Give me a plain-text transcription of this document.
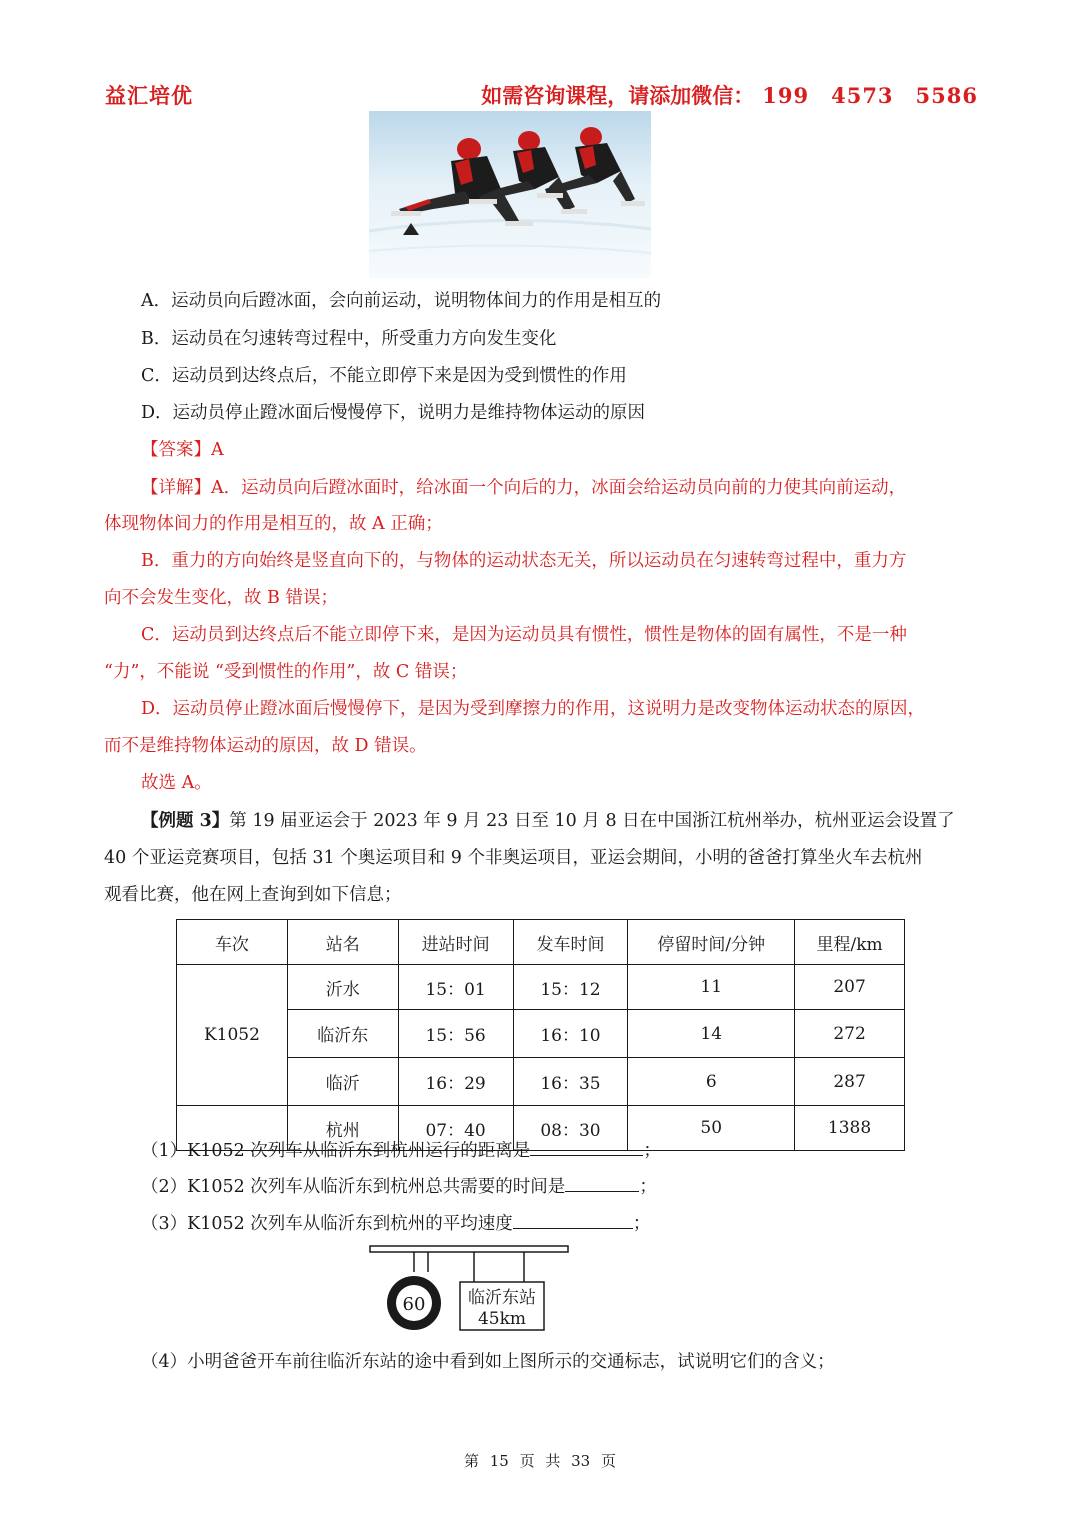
益汇培优	如需咨询课程，请添加微信： 199 4573 5586
A．运动员向后蹬冰面，会向前运动，说明物体间力的作用是相互的
B．运动员在匀速转弯过程中，所受重力方向发生变化
C．运动员到达终点后，不能立即停下来是因为受到惯性的作用
D．运动员停止蹬冰面后慢慢停下，说明力是维持物体运动的原因
【答案】A
【详解】A．运动员向后蹬冰面时，给冰面一个向后的力，冰面会给运动员向前的力使其向前运动，
体现物体间力的作用是相互的，故 A 正确；
B．重力的方向始终是竖直向下的，与物体的运动状态无关，所以运动员在匀速转弯过程中，重力方
向不会发生变化，故 B 错误；
C．运动员到达终点后不能立即停下来，是因为运动员具有惯性，惯性是物体的固有属性，不是一种
“力”，不能说 “受到惯性的作用”，故 C 错误；
D．运动员停止蹬冰面后慢慢停下，是因为受到摩擦力的作用，这说明力是改变物体运动状态的原因，
而不是维持物体运动的原因，故 D 错误。
故选 A。
【例题 3】第 19 届亚运会于 2023 年 9 月 23 日至 10 月 8 日在中国浙江杭州举办，杭州亚运会设置了
40 个亚运竞赛项目，包括 31 个奥运项目和 9 个非奥运项目，亚运会期间，小明的爸爸打算坐火车去杭州
观看比赛，他在网上查询到如下信息；
车次	站名	进站时间	发车时间	停留时间/分钟	里程/km
K1052	沂水	15：01	15：12	11	207
	临沂东	15：56	16：10	14	272
	临沂	16：29	16：35	6	287
	杭州	07：40	08：30	50	1388
（1）K1052 次列车从临沂东到杭州运行的距离是	；
（2）K1052 次列车从临沂东到杭州总共需要的时间是	；
（3）K1052 次列车从临沂东到杭州的平均速度	；
60	临沂东站
45km
（4）小明爸爸开车前往临沂东站的途中看到如上图所示的交通标志，试说明它们的含义；
第 15 页 共 33 页
